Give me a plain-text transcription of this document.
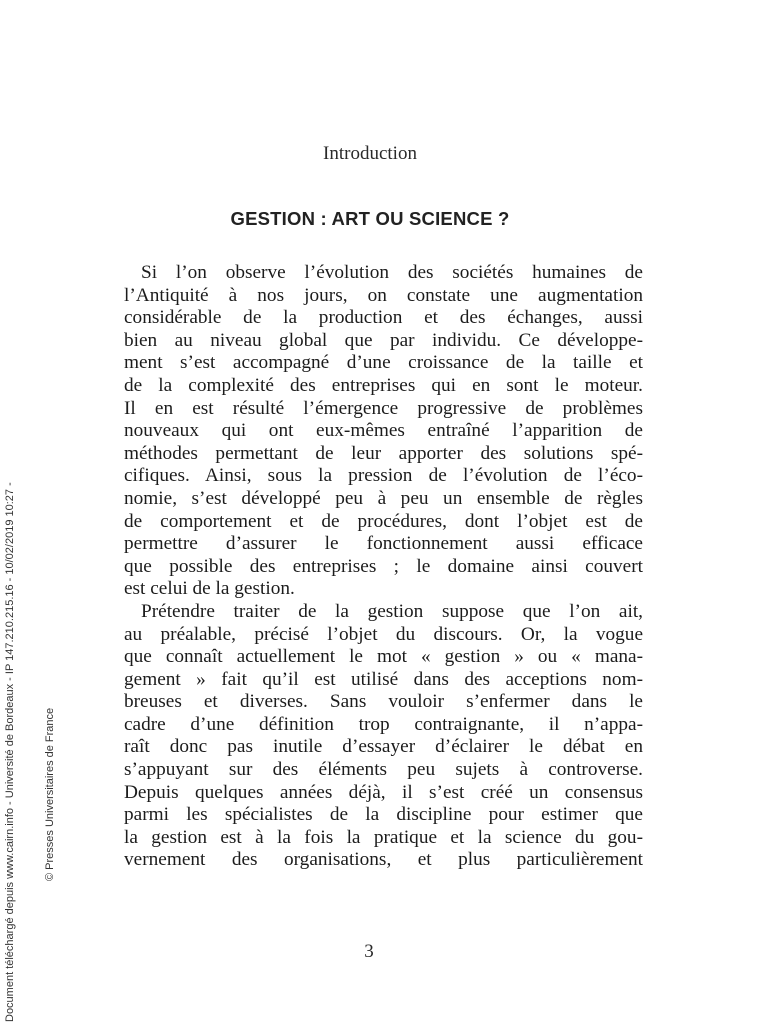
Introduction
GESTION : ART OU SCIENCE ?
Si l’on observe l’évolution des sociétés humaines de
l’Antiquité à nos jours, on constate une augmentation
considérable de la production et des échanges, aussi
bien au niveau global que par individu. Ce développe-
ment s’est accompagné d’une croissance de la taille et
de la complexité des entreprises qui en sont le moteur.
Il en est résulté l’émergence progressive de problèmes
nouveaux qui ont eux-mêmes entraîné l’apparition de
méthodes permettant de leur apporter des solutions spé-
cifiques. Ainsi, sous la pression de l’évolution de l’éco-
nomie, s’est développé peu à peu un ensemble de règles
de comportement et de procédures, dont l’objet est de
permettre d’assurer le fonctionnement aussi efficace
que possible des entreprises ; le domaine ainsi couvert
est celui de la gestion.
Prétendre traiter de la gestion suppose que l’on ait,
au préalable, précisé l’objet du discours. Or, la vogue
que connaît actuellement le mot « gestion » ou « mana-
gement » fait qu’il est utilisé dans des acceptions nom-
breuses et diverses. Sans vouloir s’enfermer dans le
cadre d’une définition trop contraignante, il n’appa-
raît donc pas inutile d’essayer d’éclairer le débat en
s’appuyant sur des éléments peu sujets à controverse.
Depuis quelques années déjà, il s’est créé un consensus
parmi les spécialistes de la discipline pour estimer que
la gestion est à la fois la pratique et la science du gou-
vernement des organisations, et plus particulièrement
3
Document téléchargé depuis www.cairn.info - Université de Bordeaux - IP 147.210.215.16 - 10/02/2019 10:27 -	© Presses Universitaires de France
